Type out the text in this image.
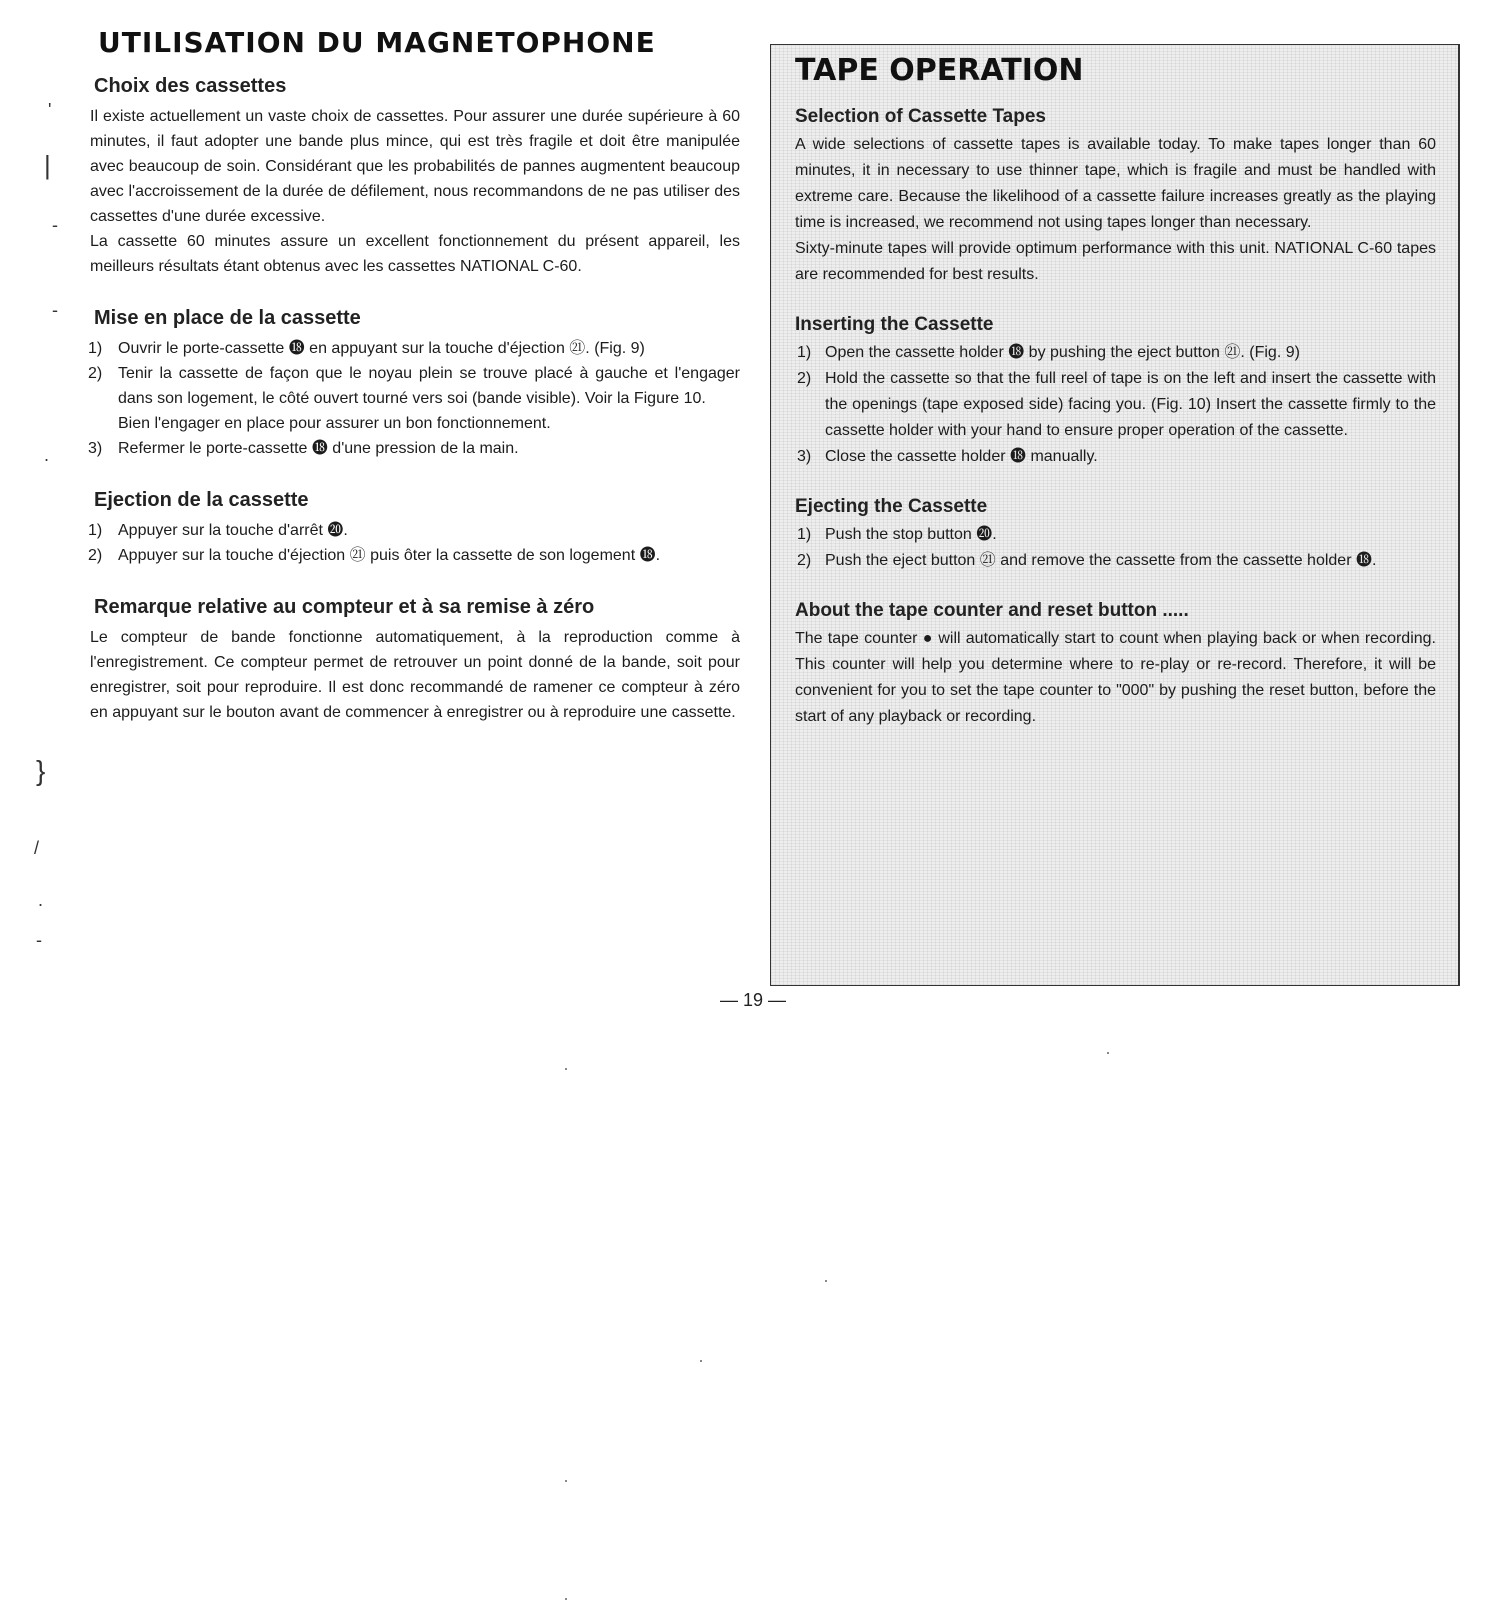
UTILISATION DU MAGNETOPHONE
Choix des cassettes

Il existe actuellement un vaste choix de cassettes. Pour assurer une durée supérieure à 60 minutes, il faut adopter une bande plus mince, qui est très fragile et doit être manipulée avec beaucoup de soin. Considérant que les probabilités de pannes augmentent beaucoup avec l'accroissement de la durée de défilement, nous recommandons de ne pas utiliser des cassettes d'une durée excessive.

La cassette 60 minutes assure un excellent fonctionnement du présent appareil, les meilleurs résultats étant obtenus avec les cassettes NATIONAL C-60.

Mise en place de la cassette
1) Ouvrir le porte-cassette ⓲ en appuyant sur la touche d'éjection ㉑. (Fig. 9)
2) Tenir la cassette de façon que le noyau plein se trouve placé à gauche et l'engager dans son logement, le côté ouvert tourné vers soi (bande visible). Voir la Figure 10.
Bien l'engager en place pour assurer un bon fonctionnement.
3) Refermer le porte-cassette ⓲ d'une pression de la main.
Ejection de la cassette
1) Appuyer sur la touche d'arrêt ⓴.
2) Appuyer sur la touche d'éjection ㉑ puis ôter la cassette de son logement ⓲.
Remarque relative au compteur et à sa remise à zéro

Le compteur de bande fonctionne automatiquement, à la reproduction comme à l'enregistrement. Ce compteur permet de retrouver un point donné de la bande, soit pour enregistrer, soit pour reproduire. Il est donc recommandé de ramener ce compteur à zéro en appuyant sur le bouton avant de commencer à enregistrer ou à reproduire une cassette.

TAPE OPERATION
Selection of Cassette Tapes

A wide selections of cassette tapes is available today. To make tapes longer than 60 minutes, it in necessary to use thinner tape, which is fragile and must be handled with extreme care. Because the likelihood of a cassette failure increases greatly as the playing time is increased, we recommend not using tapes longer than necessary.

Sixty-minute tapes will provide optimum performance with this unit. NATIONAL C-60 tapes are recommended for best results.

Inserting the Cassette
1) Open the cassette holder ⓲ by pushing the eject button ㉑. (Fig. 9)
2) Hold the cassette so that the full reel of tape is on the left and insert the cassette with the openings (tape exposed side) facing you. (Fig. 10) Insert the cassette firmly to the cassette holder with your hand to ensure proper operation of the cassette.
3) Close the cassette holder ⓲ manually.
Ejecting the Cassette
1) Push the stop button ⓴.
2) Push the eject button ㉑ and remove the cassette from the cassette holder ⓲.
About the tape counter and reset button .....

The tape counter ● will automatically start to count when playing back or when recording. This counter will help you determine where to re-play or re-record. Therefore, it will be convenient for you to set the tape counter to "000" by pushing the reset button, before the start of any playback or recording.

— 19 —
'
|
-
-
.
}
/
.
-
